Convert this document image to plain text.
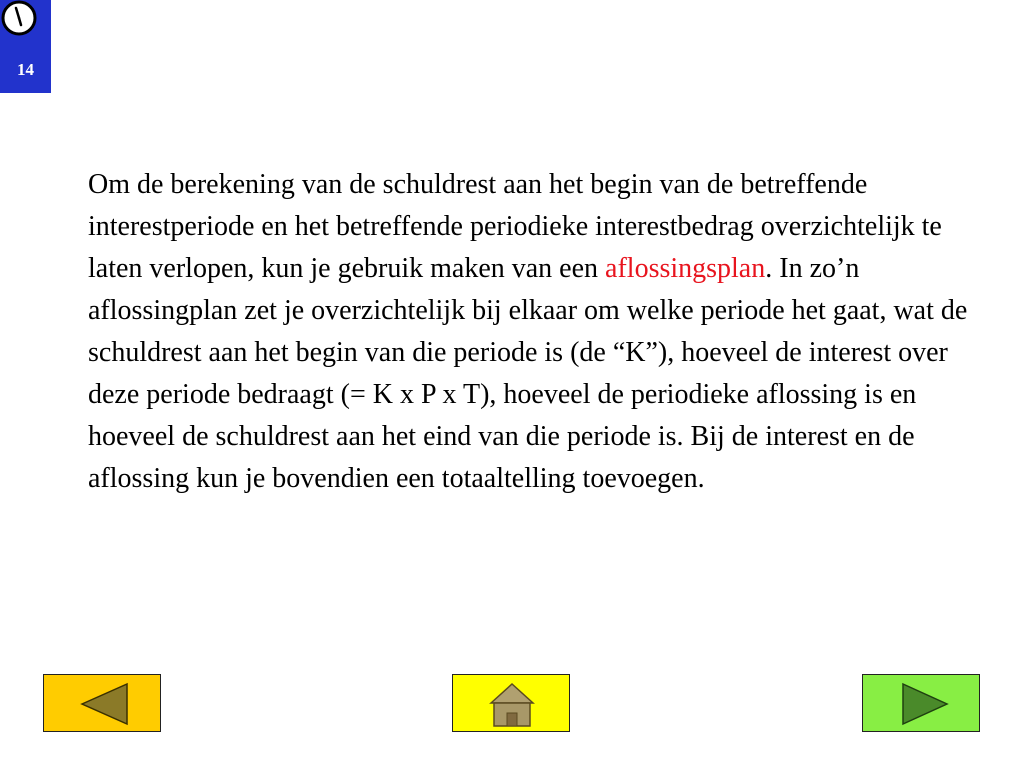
14

Om de berekening van de schuldrest aan het begin van de betreffende interestperiode en het betreffende periodieke interestbedrag overzichtelijk te laten verlopen, kun je gebruik maken van een aflossingsplan. In zo’n aflossingplan zet je overzichtelijk bij elkaar om welke periode het gaat, wat de schuldrest aan het begin van die periode is (de “K”), hoeveel de interest over deze periode bedraagt (= K x P x T), hoeveel de periodieke aflossing is en hoeveel de schuldrest aan het eind van die periode is. Bij de interest en de aflossing kun je bovendien een totaaltelling toevoegen.
